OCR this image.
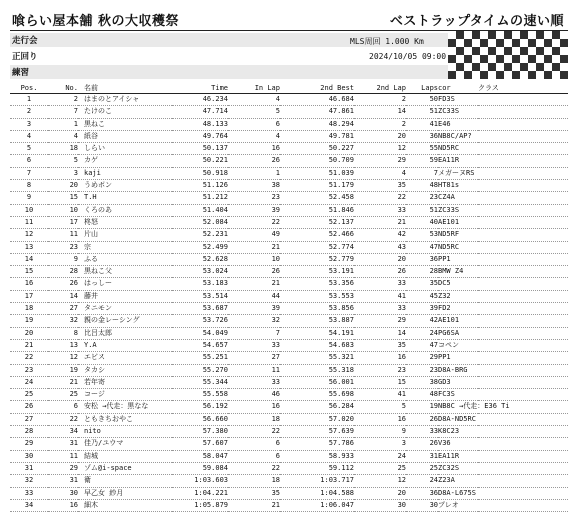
喰らい屋本舗 秋の大収穫祭	ベストラップタイムの速い順
走行会
正回り
練習
MLS周回 1.000 Km
2024/10/05 09:00
Pos.	No.	名前	Time	In Lap	2nd Best	2nd Lap	Laps	cor	クラス
1	2	はまのとアイシャ	46.234	4	46.684	2	50	FD3S	
2	7	たけのこ	47.714	5	47.861	14	51	ZC33S	
3	1	黒ねこ	48.133	6	48.294	2	41	E46	
4	4	紙谷	49.764	4	49.781	20	36	NB8C/AP?	
5	18	しらい	50.137	16	50.227	12	55	ND5RC	
6	5	カゲ	50.221	26	50.709	29	59	EA11R	
7	3	kaji	50.918	1	51.039	4	7	メガーヌRS	
8	20	うめボン	51.126	38	51.179	35	48	HT81s	
9	15	T.H	51.212	23	52.458	22	23	CZ4A	
10	10	くろのあ	51.404	39	51.846	33	51	ZC33S	
11	17	柊怒	52.084	22	52.137	21	40	AE101	
12	11	片山	52.231	49	52.466	42	53	ND5RF	
13	23	宗	52.499	21	52.774	43	47	ND5RC	
14	9	ふる	52.628	10	52.779	20	36	PP1	
15	28	黒ねこ父	53.024	26	53.191	26	28	BMW Z4	
16	26	はっしー	53.183	21	53.356	33	35	DC5	
17	14	藤井	53.514	44	53.553	41	45	Z32	
18	27	タニモン	53.687	39	53.856	33	39	FD2	
19	32	親の金レーシング	53.726	32	53.887	29	42	AE101	
20	8	比吕太郎	54.049	7	54.191	14	24	PG6SA	
21	13	Y.A	54.657	33	54.683	35	47	コペン	
22	12	エビス	55.251	27	55.321	16	29	PP1	
23	19	タカシ	55.270	11	55.318	23	23	D8A-BRG	
24	21	若年寄	55.344	33	56.001	15	38	GD3	
25	25	コージ	55.558	46	55.698	41	48	FC3S	
26	6	安松 →代走：黒なな	56.192	16	56.284	5	19	NB8C →代走：E36 Ti	
27	22	ともきちおやこ	56.660	18	57.020	16	26	D8A-ND5RC	
28	34	nito	57.380	22	57.639	9	33	K8C23	
29	31	佳乃/ユウマ	57.607	6	57.786	3	26	V36	
30	11	結城	58.047	6	58.933	24	31	EA11R	
31	29	ゾム@i-space	59.084	22	59.112	25	25	ZC32S	
32	31	衛	1:03.603	18	1:03.717	12	24	Z23A	
33	30	早乙女 紗月	1:04.221	35	1:04.588	20	36	D8A-L675S	
34	16	細木	1:05.879	21	1:06.047	30	30	プレオ	
